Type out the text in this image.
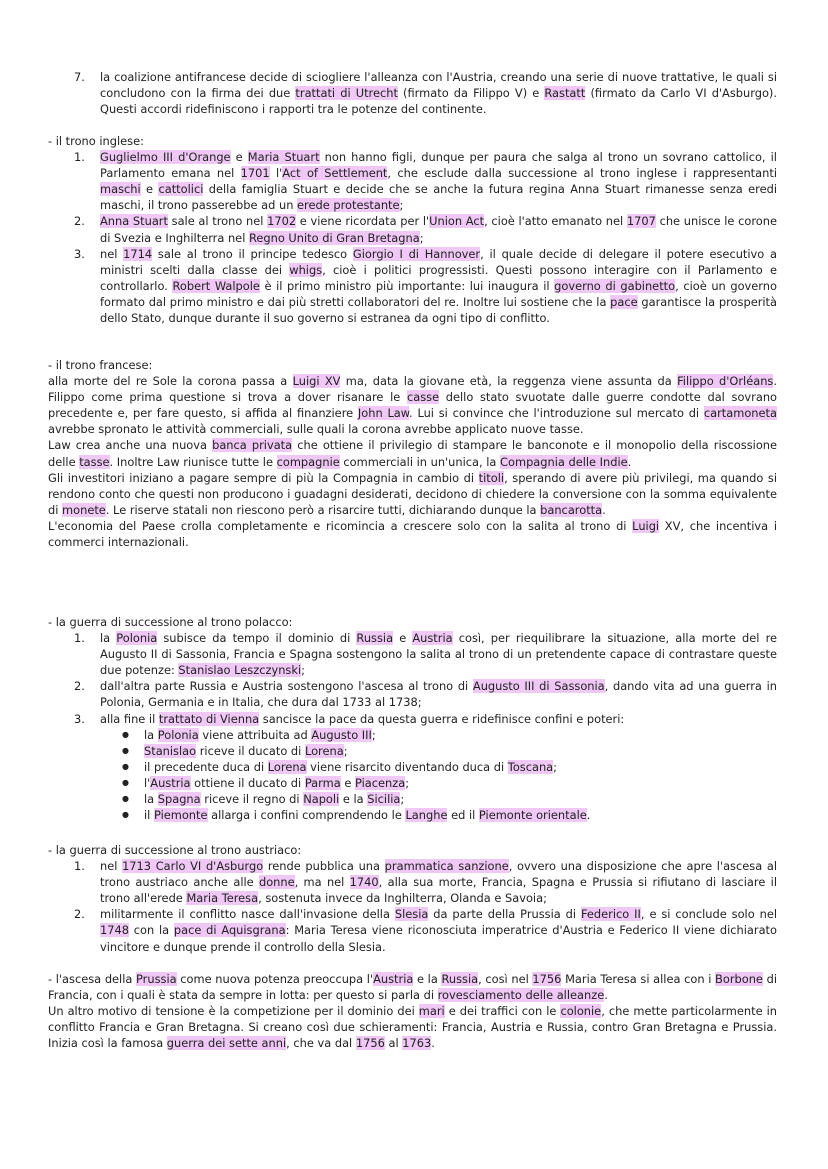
7.	la coalizione antifrancese decide di sciogliere l'alleanza con l'Austria, creando una serie di nuove trattative, le quali si concludono con la firma dei due trattati di Utrecht (firmato da Filippo V) e Rastatt (firmato da Carlo VI d'Asburgo). Questi accordi ridefiniscono i rapporti tra le potenze del continente.
- il trono inglese:
1.	Guglielmo III d'Orange e Maria Stuart non hanno figli, dunque per paura che salga al trono un sovrano cattolico, il Parlamento emana nel 1701 l'Act of Settlement, che esclude dalla successione al trono inglese i rappresentanti maschi e cattolici della famiglia Stuart e decide che se anche la futura regina Anna Stuart rimanesse senza eredi maschi, il trono passerebbe ad un erede protestante;
2.	Anna Stuart sale al trono nel 1702 e viene ricordata per l'Union Act, cioè l'atto emanato nel 1707 che unisce le corone di Svezia e Inghilterra nel Regno Unito di Gran Bretagna;
3.	nel 1714 sale al trono il principe tedesco Giorgio I di Hannover, il quale decide di delegare il potere esecutivo a ministri scelti dalla classe dei whigs, cioè i politici progressisti. Questi possono interagire con il Parlamento e controllarlo. Robert Walpole è il primo ministro più importante: lui inaugura il governo di gabinetto, cioè un governo formato dal primo ministro e dai più stretti collaboratori del re. Inoltre lui sostiene che la pace garantisce la prosperità dello Stato, dunque durante il suo governo si estranea da ogni tipo di conflitto.
- il trono francese:
alla morte del re Sole la corona passa a Luigi XV ma, data la giovane età, la reggenza viene assunta da Filippo d'Orléans. Filippo come prima questione si trova a dover risanare le casse dello stato svuotate dalle guerre condotte dal sovrano precedente e, per fare questo, si affida al finanziere John Law. Lui si convince che l'introduzione sul mercato di cartamoneta avrebbe spronato le attività commerciali, sulle quali la corona avrebbe applicato nuove tasse.
Law crea anche una nuova banca privata che ottiene il privilegio di stampare le banconote e il monopolio della riscossione delle tasse. Inoltre Law riunisce tutte le compagnie commerciali in un'unica, la Compagnia delle Indie.
Gli investitori iniziano a pagare sempre di più la Compagnia in cambio di titoli, sperando di avere più privilegi, ma quando si rendono conto che questi non producono i guadagni desiderati, decidono di chiedere la conversione con la somma equivalente di monete. Le riserve statali non riescono però a risarcire tutti, dichiarando dunque la bancarotta.
L'economia del Paese crolla completamente e ricomincia a crescere solo con la salita al trono di Luigi XV, che incentiva i commerci internazionali.
- la guerra di successione al trono polacco:
1.	la Polonia subisce da tempo il dominio di Russia e Austria così, per riequilibrare la situazione, alla morte del re Augusto II di Sassonia, Francia e Spagna sostengono la salita al trono di un pretendente capace di contrastare queste due potenze: Stanislao Leszczynski;
2.	dall'altra parte Russia e Austria sostengono l'ascesa al trono di Augusto III di Sassonia, dando vita ad una guerra in Polonia, Germania e in Italia, che dura dal 1733 al 1738;
3.	alla fine il trattato di Vienna sancisce la pace da questa guerra e ridefinisce confini e poteri:
●	la Polonia viene attribuita ad Augusto III;
●	Stanislao riceve il ducato di Lorena;
●	il precedente duca di Lorena viene risarcito diventando duca di Toscana;
●	l'Austria ottiene il ducato di Parma e Piacenza;
●	la Spagna riceve il regno di Napoli e la Sicilia;
●	il Piemonte allarga i confini comprendendo le Langhe ed il Piemonte orientale.
- la guerra di successione al trono austriaco:
1.	nel 1713 Carlo VI d'Asburgo rende pubblica una prammatica sanzione, ovvero una disposizione che apre l'ascesa al trono austriaco anche alle donne, ma nel 1740, alla sua morte, Francia, Spagna e Prussia si rifiutano di lasciare il trono all'erede Maria Teresa, sostenuta invece da Inghilterra, Olanda e Savoia;
2.	militarmente il conflitto nasce dall'invasione della Slesia da parte della Prussia di Federico II, e si conclude solo nel 1748 con la pace di Aquisgrana: Maria Teresa viene riconosciuta imperatrice d'Austria e Federico II viene dichiarato vincitore e dunque prende il controllo della Slesia.
- l'ascesa della Prussia come nuova potenza preoccupa l'Austria e la Russia, così nel 1756 Maria Teresa si allea con i Borbone di Francia, con i quali è stata da sempre in lotta: per questo si parla di rovesciamento delle alleanze.
Un altro motivo di tensione è la competizione per il dominio dei mari e dei traffici con le colonie, che mette particolarmente in conflitto Francia e Gran Bretagna. Si creano così due schieramenti: Francia, Austria e Russia, contro Gran Bretagna e Prussia. Inizia così la famosa guerra dei sette anni, che va dal 1756 al 1763.
